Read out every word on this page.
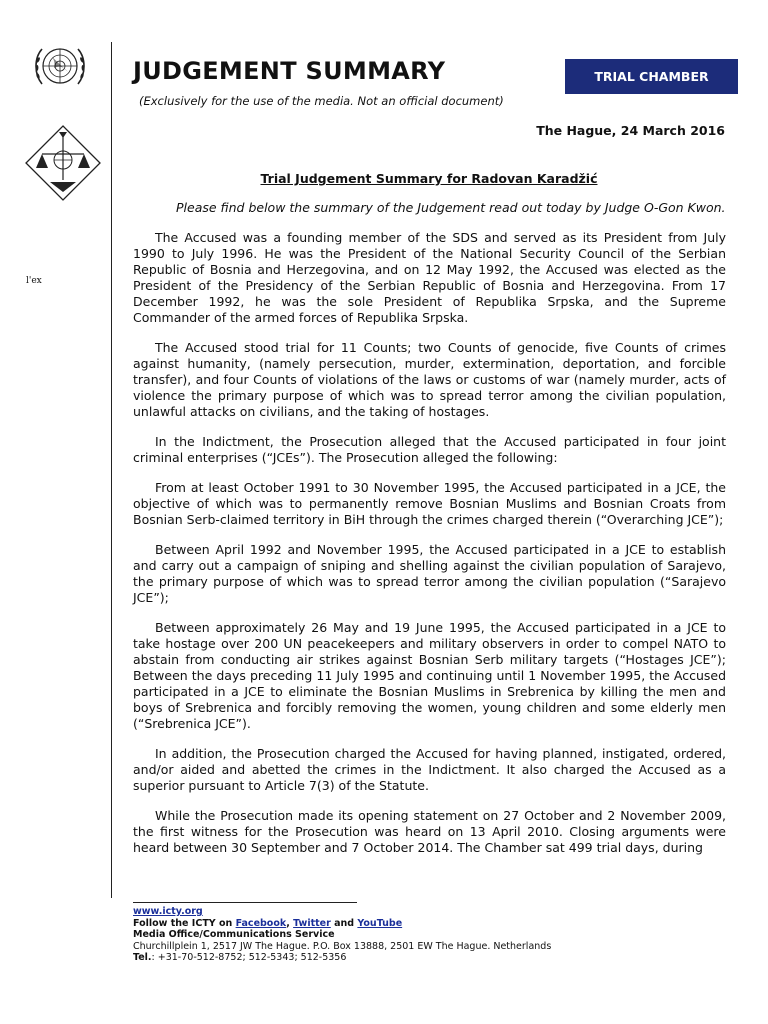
l'ex
JUDGEMENT SUMMARY
(Exclusively for the use of the media. Not an official document)
TRIAL CHAMBER
The Hague, 24 March 2016
Trial Judgement Summary for Radovan Karadžić

Please find below the summary of the Judgement read out today by Judge O-Gon Kwon.

The Accused was a founding member of the SDS and served as its President from July 1990 to July 1996. He was the President of the National Security Council of the Serbian Republic of Bosnia and Herzegovina, and on 12 May 1992, the Accused was elected as the President of the Presidency of the Serbian Republic of Bosnia and Herzegovina. From 17 December 1992, he was the sole President of Republika Srpska, and the Supreme Commander of the armed forces of Republika Srpska.

The Accused stood trial for 11 Counts; two Counts of genocide, five Counts of crimes against humanity, (namely persecution, murder, extermination, deportation, and forcible transfer), and four Counts of violations of the laws or customs of war (namely murder, acts of violence the primary purpose of which was to spread terror among the civilian population, unlawful attacks on civilians, and the taking of hostages.

In the Indictment, the Prosecution alleged that the Accused participated in four joint criminal enterprises (“JCEs”). The Prosecution alleged the following:

From at least October 1991 to 30 November 1995, the Accused participated in a JCE, the objective of which was to permanently remove Bosnian Muslims and Bosnian Croats from Bosnian Serb-claimed territory in BiH through the crimes charged therein (“Overarching JCE”);

Between April 1992 and November 1995, the Accused participated in a JCE to establish and carry out a campaign of sniping and shelling against the civilian population of Sarajevo, the primary purpose of which was to spread terror among the civilian population (“Sarajevo JCE”);

Between approximately 26 May and 19 June 1995, the Accused participated in a JCE to take hostage over 200 UN peacekeepers and military observers in order to compel NATO to abstain from conducting air strikes against Bosnian Serb military targets (“Hostages JCE”); Between the days preceding 11 July 1995 and continuing until 1 November 1995, the Accused participated in a JCE to eliminate the Bosnian Muslims in Srebrenica by killing the men and boys of Srebrenica and forcibly removing the women, young children and some elderly men (“Srebrenica JCE”).

In addition, the Prosecution charged the Accused for having planned, instigated, ordered, and/or aided and abetted the crimes in the Indictment. It also charged the Accused as a superior pursuant to Article 7(3) of the Statute.

While the Prosecution made its opening statement on 27 October and 2 November 2009, the first witness for the Prosecution was heard on 13 April 2010. Closing arguments were heard between 30 September and 7 October 2014. The Chamber sat 499 trial days, during

www.icty.org
Follow the ICTY on Facebook, Twitter and YouTube
Media Office/Communications Service
Churchillplein 1, 2517 JW The Hague. P.O. Box 13888, 2501 EW The Hague. Netherlands
Tel.: +31-70-512-8752; 512-5343; 512-5356
